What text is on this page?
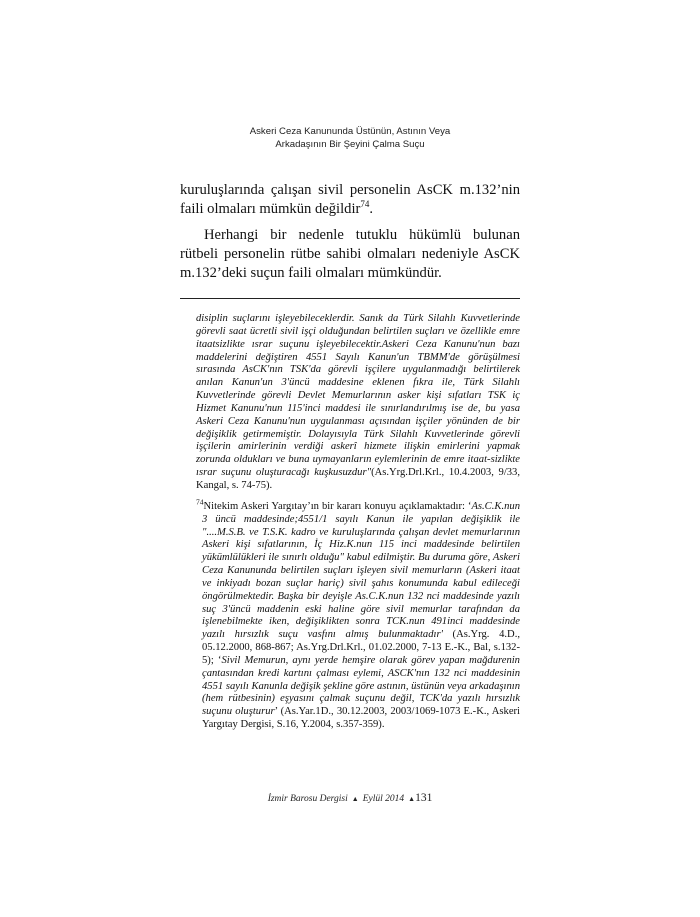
Askeri Ceza Kanununda Üstünün, Astının Veya
Arkadaşının Bir Şeyini Çalma Suçu

kuruluşlarında çalışan sivil personelin AsCK m.132’nin faili olmaları mümkün değildir$^{74}$.

Herhangi bir nedenle tutuklu hükümlü bulunan rütbeli personelin rütbe sahibi olmaları nedeniyle AsCK m.132’deki suçun faili olmaları mümkündür.

disiplin suçlarını işleyebileceklerdir. Sanık da Türk Silahlı Kuvvetlerinde görevli saat ücretli sivil işçi olduğundan belirtilen suçları ve özellikle emre itaatsizlikte ısrar suçunu işleyebilecektir.Askeri Ceza Kanunu'nun bazı maddelerini değiştiren 4551 Sayılı Kanun'un TBMM'de görüşülmesi sırasında AsCK'nın TSK'da görevli işçilere uygulanmadığı belirtilerek anılan Kanun'un 3'üncü maddesine eklenen fıkra ile, Türk Silahlı Kuvvetlerinde görevli Devlet Memurlarının asker kişi sıfatları TSK iç Hizmet Kanunu'nun 115'inci maddesi ile sınırlandırılmış ise de, bu yasa Askeri Ceza Kanunu'nun uygulanması açısından işçiler yönünden de bir değişiklik getirmemiştir. Dolayısıyla Türk Silahlı Kuvvetlerinde görevli işçilerin amirlerinin verdiği askerî hizmete ilişkin emirlerini yapmak zorunda oldukları ve buna uymayanların eylemlerinin de emre itaat-sizlikte ısrar suçunu oluşturacağı kuşkusuzdur"(As.Yrg.Drl.Krl., 10.4.2003, 9/33, Kangal, s. 74-75).

$^{74}$Nitekim Askeri Yargıtay’ın bir kararı konuyu açıklamaktadır: ‘As.C.K.nun 3 üncü maddesinde;4551/1 sayılı Kanun ile yapılan değişiklik ile "....M.S.B. ve T.S.K. kadro ve kuruluşlarında çalışan devlet memurlarının Askeri kişi sıfatlarının, İç Hiz.K.nun 115 inci maddesinde belirtilen yükümlülükleri ile sınırlı olduğu" kabul edilmiştir. Bu duruma göre, Askeri Ceza Kanununda belirtilen suçları işleyen sivil memurların (Askeri itaat ve inkiyadı bozan suçlar hariç) sivil şahıs konumunda kabul edileceği öngörülmektedir. Başka bir deyişle As.C.K.nun 132 nci maddesinde yazılı suç 3'üncü maddenin eski haline göre sivil memurlar tarafından da işlenebilmekte iken, değişiklikten sonra TCK.nun 491inci maddesinde yazılı hırsızlık suçu vasfını almış bulunmaktadır' (As.Yrg. 4.D., 05.12.2000, 868-867; As.Yrg.Drl.Krl., 01.02.2000, 7-13 E.-K., Bal, s.132-5); ‘Sivil Memurun, aynı yerde hemşire olarak görev yapan mağdurenin çantasından kredi kartını çalması eylemi, ASCK'nın 132 nci maddesinin 4551 sayılı Kanunla değişik şekline göre astının, üstünün veya arkadaşının (hem rütbesinin) eşyasını çalmak suçunu değil, TCK'da yazılı hırsızlık suçunu oluşturur’ (As.Yar.1D., 30.12.2003, 2003/1069-1073 E.-K., Askeri Yargıtay Dergisi, S.16, Y.2004, s.357-359).

İzmir Barosu Dergisi ▲ Eylül 2014 ▲131
